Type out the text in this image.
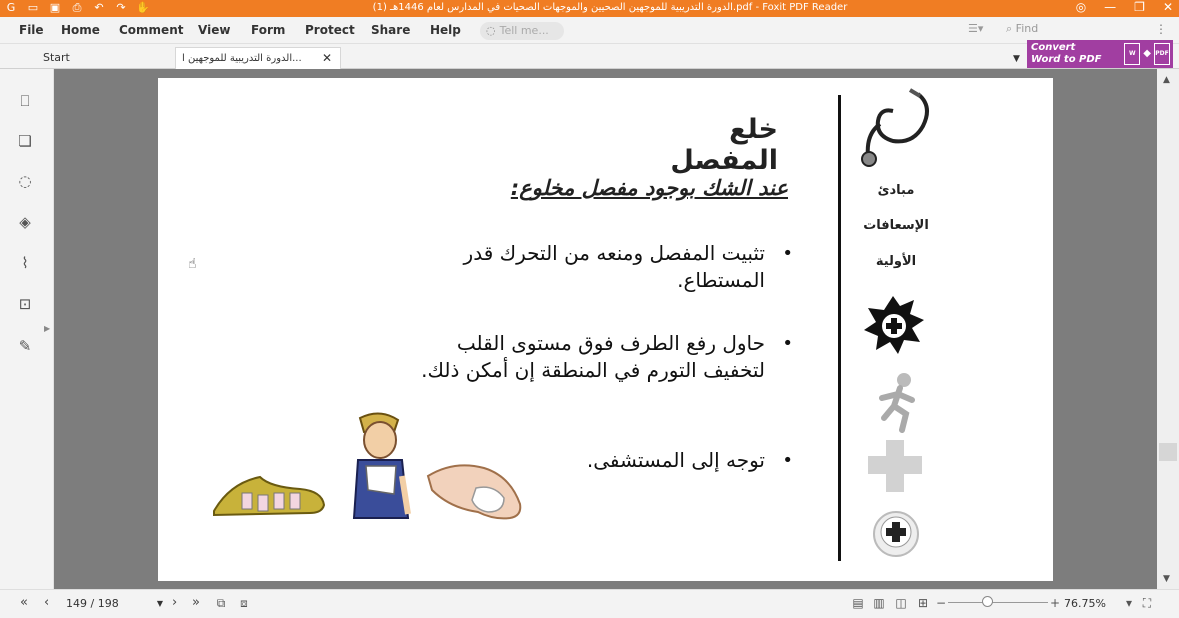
G ▭ ▣ ⎙ ↶ ↷ ✋	الدورة التدريبية للموجهين الصحيين والموجهات الصحيات في المدارس لعام 1446هـ (1).pdf - Foxit PDF Reader	◎ — ❐ ✕
File Home Comment View Form Protect Share Help	◌ Tell me...	☰▾ ⌕ Find	⋮
Start	الدورة التدريبية للموجهين ا...	✕	▼
Convert
Word to PDF
W ◆ PDF
⎕
❏
◌
◈
⌇
⊡
✎
▶
▲
▼
خلع المفصل
عند الشك بوجود مفصل مخلوع:
•
تثبيت المفصل ومنعه من التحرك قدر المستطاع.
•
حاول رفع الطرف فوق مستوى القلب لتخفيف التورم في المنطقة إن أمكن ذلك.
•
توجه إلى المستشفى.
مبادئ
الإسعافات
الأولية
☝
« ‹ 149 / 198	▼ › » ⧉ ⧈	▤ ▥ ◫ ⊞ −	+ 76.75%	▾ ⛶
